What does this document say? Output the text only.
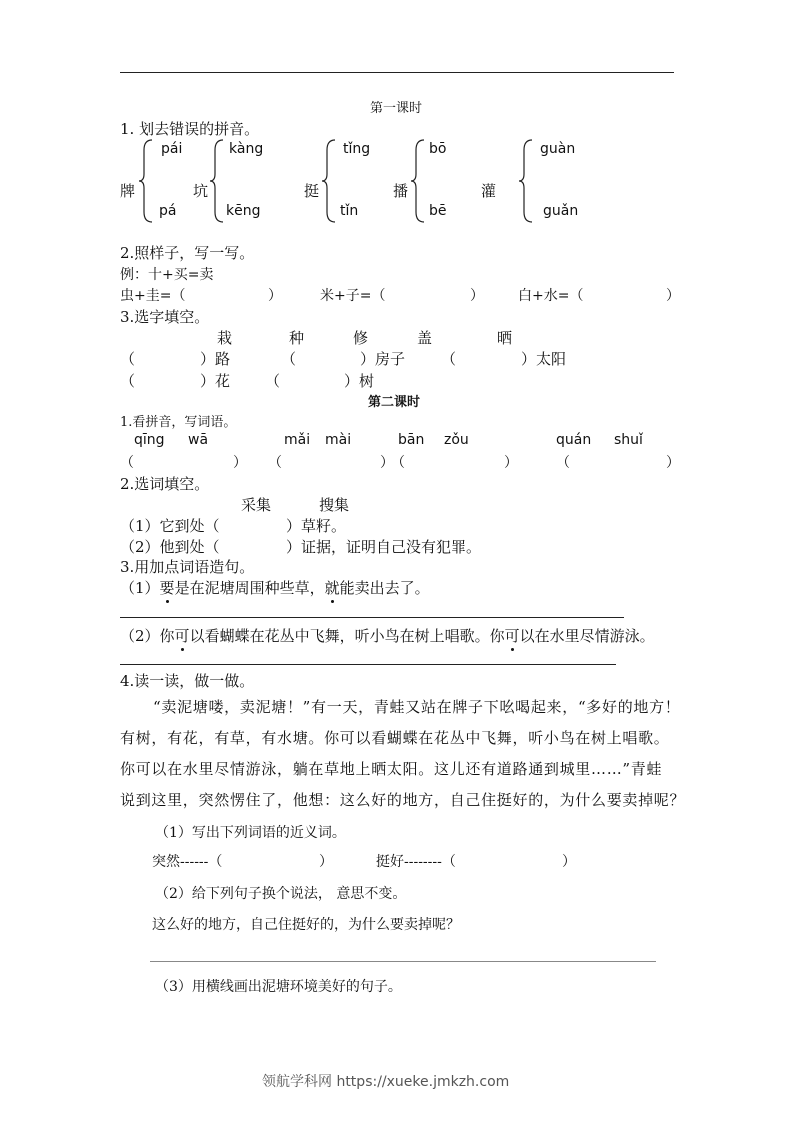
第一课时
1. 划去错误的拼音。
牌
pái
pá
坑
kàng
kēng
挺
tǐng
tǐn
播
bō
bē
灌
guàn
guǎn
2.照样子，写一写。
例：十+买=卖
虫+圭=（	）	米+子=（	） 白+水=（	）
3.选字填空。
栽	种	修	盖	晒
（	）路	（	）房子 （	）太阳
（	）花 （	）树
第二课时
1.看拼音，写词语。
qīng wā	mǎi mài	bān zǒu	quán shuǐ
（	） （	）
（	）	（	）
2.选词填空。
采集	搜集
（1）它到处（	）草籽。
（2）他到处（	）证据，证明自己没有犯罪。
3.用加点词语造句。
（1）要是在泥塘周围种些草，就能卖出去了。
（2）你可以看蝴蝶在花丛中飞舞，听小鸟在树上唱歌。你可以在水里尽情游泳。
4.读一读，做一做。
“卖泥塘喽，卖泥塘！”有一天，青蛙又站在牌子下吆喝起来，“多好的地方！
有树，有花，有草，有水塘。你可以看蝴蝶在花丛中飞舞，听小鸟在树上唱歌。
你可以在水里尽情游泳，躺在草地上晒太阳。这儿还有道路通到城里……”青蛙
说到这里，突然愣住了，他想：这么好的地方，自己住挺好的，为什么要卖掉呢？
（1）写出下列词语的近义词。
突然------（	）	挺好--------（	）
（2）给下列句子换个说法， 意思不变。
这么好的地方，自己住挺好的，为什么要卖掉呢？
（3）用横线画出泥塘环境美好的句子。
领航学科网 https://xueke.jmkzh.com
